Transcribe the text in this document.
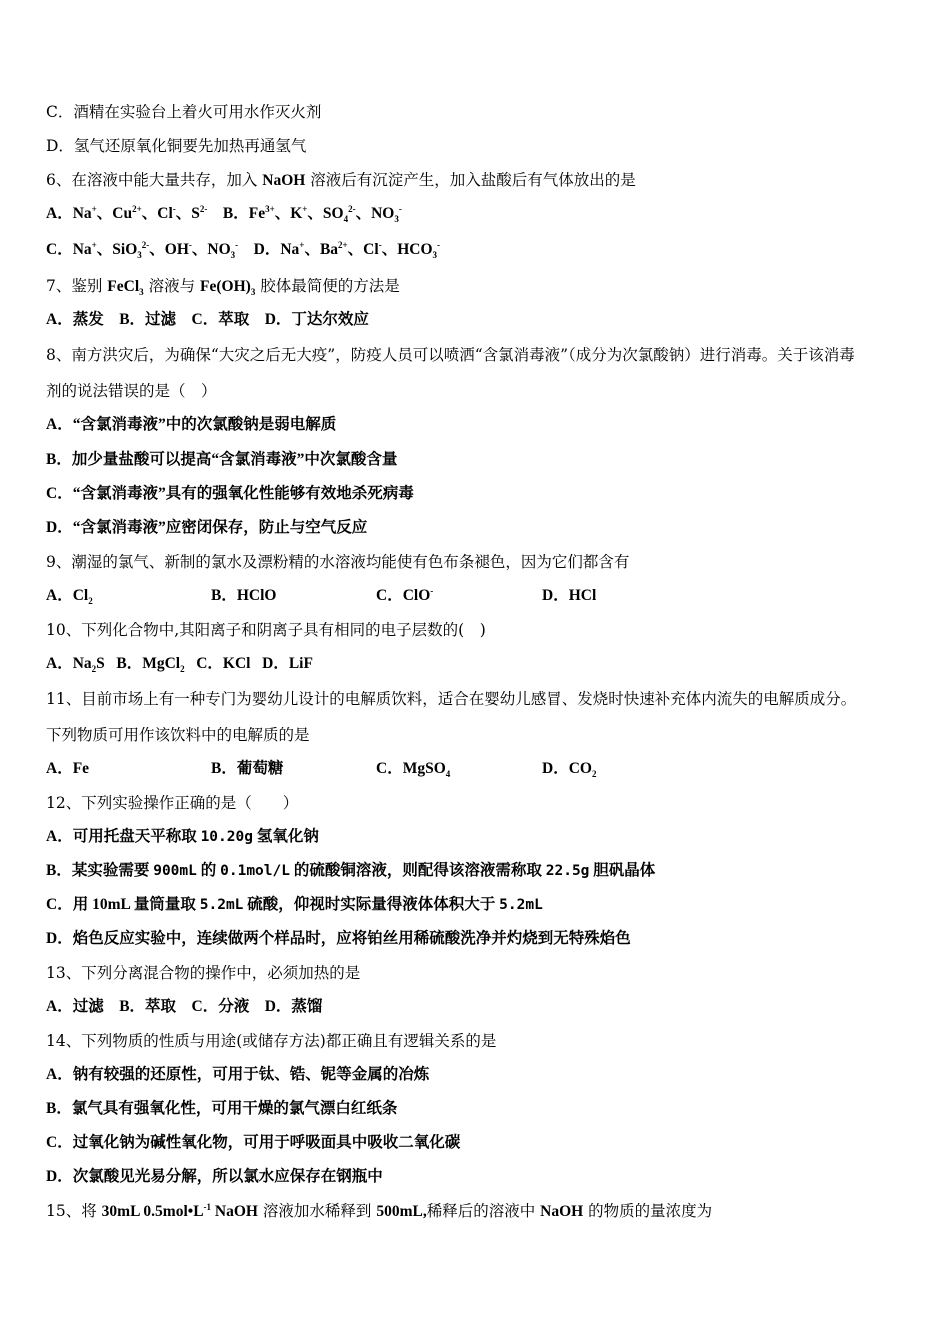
C．酒精在实验台上着火可用水作灭火剂
D．氢气还原氧化铜要先加热再通氢气
6、在溶液中能大量共存，加入 NaOH 溶液后有沉淀产生，加入盐酸后有气体放出的是
A．Na+、$Cu^{2+}$、Cl-、$S^{2-}$ B．$Fe^{3+}$、K+、$SO_4^{2-}$、$NO_3^-$
C．Na+、SiO$_3^{2-}$、OH-、$NO_3^-$ D．Na+、$Ba^{2+}$、Cl-、$HCO_3^-$
7、鉴别 FeCl$_3$ 溶液与 $Fe(OH)_3$ 胶体最简便的方法是
A．蒸发　B．过滤　C．萃取　D．丁达尔效应
8、南方洪灾后，为确保“大灾之后无大疫”，防疫人员可以喷洒“含氯消毒液”（成分为次氯酸钠）进行消毒。关于该消毒
剂的说法错误的是（　）
A．“含氯消毒液”中的次氯酸钠是弱电解质
B．加少量盐酸可以提高“含氯消毒液”中次氯酸含量
C．“含氯消毒液”具有的强氧化性能够有效地杀死病毒
D．“含氯消毒液”应密闭保存，防止与空气反应
9、潮湿的氯气、新制的氯水及漂粉精的水溶液均能使有色布条褪色，因为它们都含有
A．$Cl_2$	B．HClO	C．ClO-	D．HCl
10、下列化合物中,其阳离子和阴离子具有相同的电子层数的(　)
A．$Na_2S$ B．MgCl$_2$ C．KCl D．LiF
11、目前市场上有一种专门为婴幼儿设计的电解质饮料，适合在婴幼儿感冒、发烧时快速补充体内流失的电解质成分。
下列物质可用作该饮料中的电解质的是
A．Fe	B．葡萄糖	C．MgSO$_4$	D．$CO_2$
12、下列实验操作正确的是（　　）
A．可用托盘天平称取 10.20g 氢氧化钠
B．某实验需要 900mL 的 0.1mol/L 的硫酸铜溶液，则配得该溶液需称取 22.5g 胆矾晶体
C．用 10mL 量筒量取 5.2mL 硫酸，仰视时实际量得液体体积大于 5.2mL
D．焰色反应实验中，连续做两个样品时，应将铂丝用稀硫酸洗净并灼烧到无特殊焰色
13、下列分离混合物的操作中，必须加热的是
A．过滤　B．萃取　C．分液　D．蒸馏
14、下列物质的性质与用途(或储存方法)都正确且有逻辑关系的是
A．钠有较强的还原性，可用于钛、锆、铌等金属的冶炼
B．氯气具有强氧化性，可用干燥的氯气漂白红纸条
C．过氧化钠为碱性氧化物，可用于呼吸面具中吸收二氧化碳
D．次氯酸见光易分解，所以氯水应保存在钢瓶中
15、将 30mL $0.5mol•L^{-1}$ NaOH 溶液加水稀释到 500mL,稀释后的溶液中 NaOH 的物质的量浓度为
